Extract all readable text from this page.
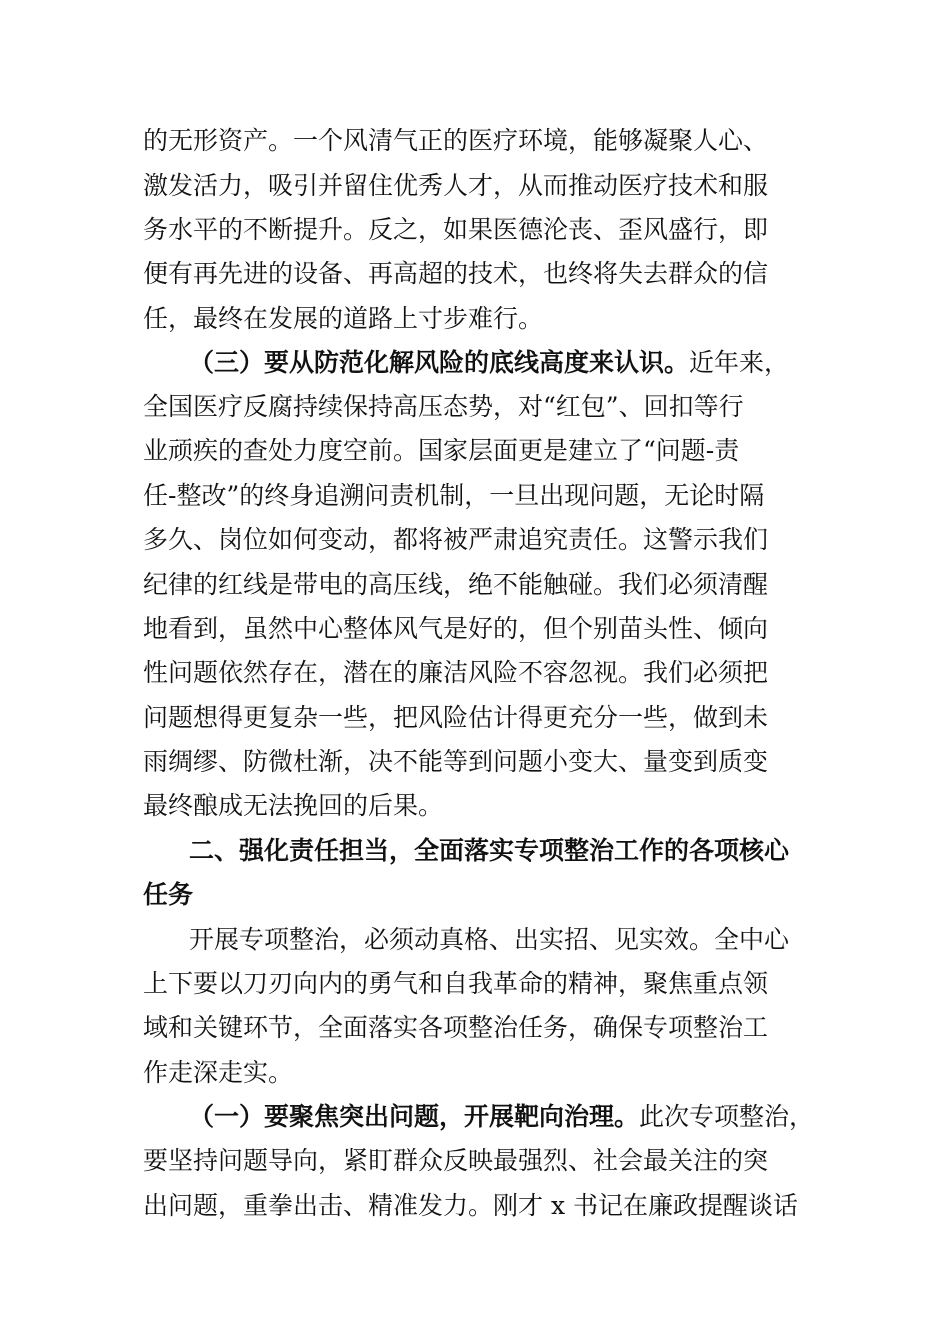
的无形资产。一个风清气正的医疗环境，能够凝聚人心、
激发活力，吸引并留住优秀人才，从而推动医疗技术和服
务水平的不断提升。反之，如果医德沦丧、歪风盛行，即
便有再先进的设备、再高超的技术，也终将失去群众的信
任，最终在发展的道路上寸步难行。
（三）要从防范化解风险的底线高度来认识。近年来，
全国医疗反腐持续保持高压态势，对“红包”、回扣等行
业顽疾的查处力度空前。国家层面更是建立了“问题-责
任-整改”的终身追溯问责机制，一旦出现问题，无论时隔
多久、岗位如何变动，都将被严肃追究责任。这警示我们
纪律的红线是带电的高压线，绝不能触碰。我们必须清醒
地看到，虽然中心整体风气是好的，但个别苗头性、倾向
性问题依然存在，潜在的廉洁风险不容忽视。我们必须把
问题想得更复杂一些，把风险估计得更充分一些，做到未
雨绸缪、防微杜渐，决不能等到问题小变大、量变到质变
最终酿成无法挽回的后果。
二、强化责任担当，全面落实专项整治工作的各项核心
任务
开展专项整治，必须动真格、出实招、见实效。全中心
上下要以刀刃向内的勇气和自我革命的精神，聚焦重点领
域和关键环节，全面落实各项整治任务，确保专项整治工
作走深走实。
（一）要聚焦突出问题，开展靶向治理。此次专项整治，
要坚持问题导向，紧盯群众反映最强烈、社会最关注的突
出问题，重拳出击、精准发力。刚才 x 书记在廉政提醒谈话
